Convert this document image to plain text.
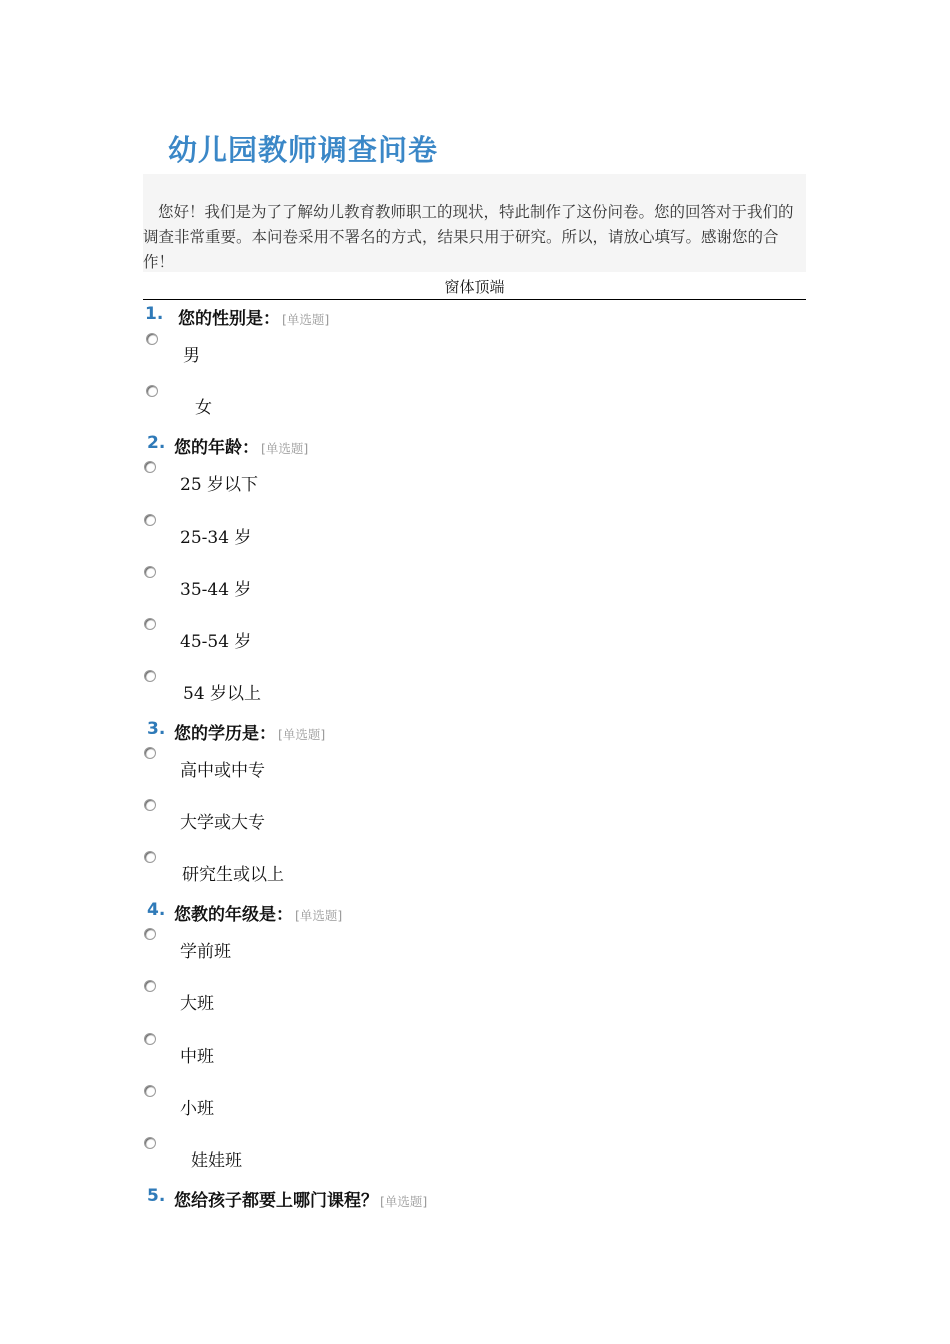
幼儿园教师调查问卷

您好！我们是为了了解幼儿教育教师职工的现状，特此制作了这份问卷。您的回答对于我们的调查非常重要。本问卷采用不署名的方式，结果只用于研究。所以，请放心填写。感谢您的合作！

窗体顶端
1. 您的性别是： [单选题]
男
女
2. 您的年龄： [单选题]
25 岁以下
25-34 岁
35-44 岁
45-54 岁
54 岁以上
3. 您的学历是： [单选题]
高中或中专
大学或大专
研究生或以上
4. 您教的年级是： [单选题]
学前班
大班
中班
小班
娃娃班
5. 您给孩子都要上哪门课程？ [单选题]
